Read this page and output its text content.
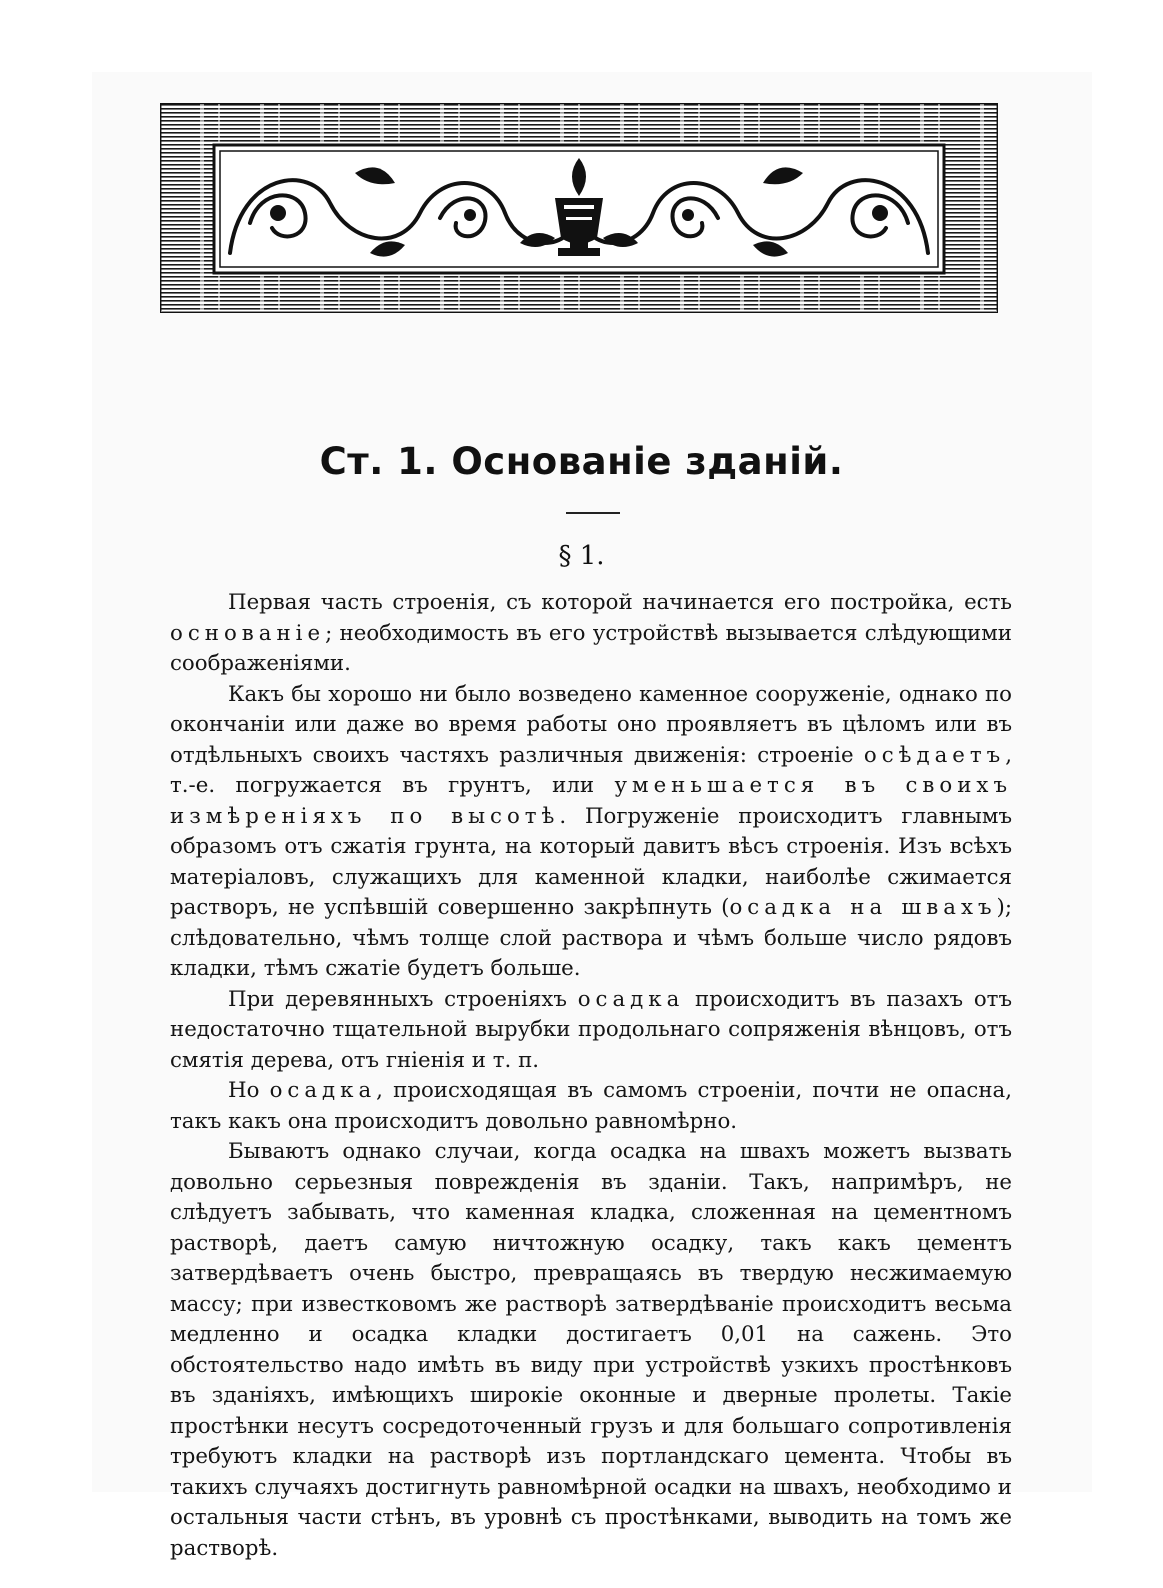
Ст. 1. Основаніе зданій.
§ 1.

Первая часть строенія, съ которой начинается его постройка, есть основаніе; необходимость въ его устройствѣ вызывается слѣдующими соображеніями.

Какъ бы хорошо ни было возведено каменное сооруженіе, однако по окончаніи или даже во время работы оно проявляетъ въ цѣломъ или въ отдѣльныхъ своихъ частяхъ различныя движенія: строеніе осѣдаетъ, т.-е. погружается въ грунтъ, или уменьшается въ своихъ измѣреніяхъ по высотѣ. Погруженіе происходитъ главнымъ образомъ отъ сжатія грунта, на который давитъ вѣсъ строенія. Изъ всѣхъ матеріаловъ, служащихъ для каменной кладки, наиболѣе сжимается растворъ, не успѣвшій совершенно закрѣпнуть (осадка на швахъ); слѣдовательно, чѣмъ толще слой раствора и чѣмъ больше число рядовъ кладки, тѣмъ сжатіе будетъ больше.

При деревянныхъ строеніяхъ осадка происходитъ въ пазахъ отъ недостаточно тщательной вырубки продольнаго сопряженія вѣнцовъ, отъ смятія дерева, отъ гніенія и т. п.

Но осадка, происходящая въ самомъ строеніи, почти не опасна, такъ какъ она происходитъ довольно равномѣрно.

Бываютъ однако случаи, когда осадка на швахъ можетъ вызвать довольно серьезныя поврежденія въ зданіи. Такъ, напримѣръ, не слѣдуетъ забывать, что каменная кладка, сложенная на цементномъ растворѣ, даетъ самую ничтожную осадку, такъ какъ цементъ затвердѣваетъ очень быстро, превращаясь въ твердую несжимаемую массу; при известковомъ же растворѣ затвердѣваніе происходитъ весьма медленно и осадка кладки достигаетъ 0,01 на сажень. Это обстоятельство надо имѣть въ виду при устройствѣ узкихъ простѣнковъ въ зданіяхъ, имѣющихъ широкіе оконные и дверные пролеты. Такіе простѣнки несутъ сосредоточенный грузъ и для большаго сопротивленія требуютъ кладки на растворѣ изъ портландскаго цемента. Чтобы въ такихъ случаяхъ достигнуть равномѣрной осадки на швахъ, необходимо и остальныя части стѣнъ, въ уровнѣ съ простѣнками, выводить на томъ же растворѣ.
